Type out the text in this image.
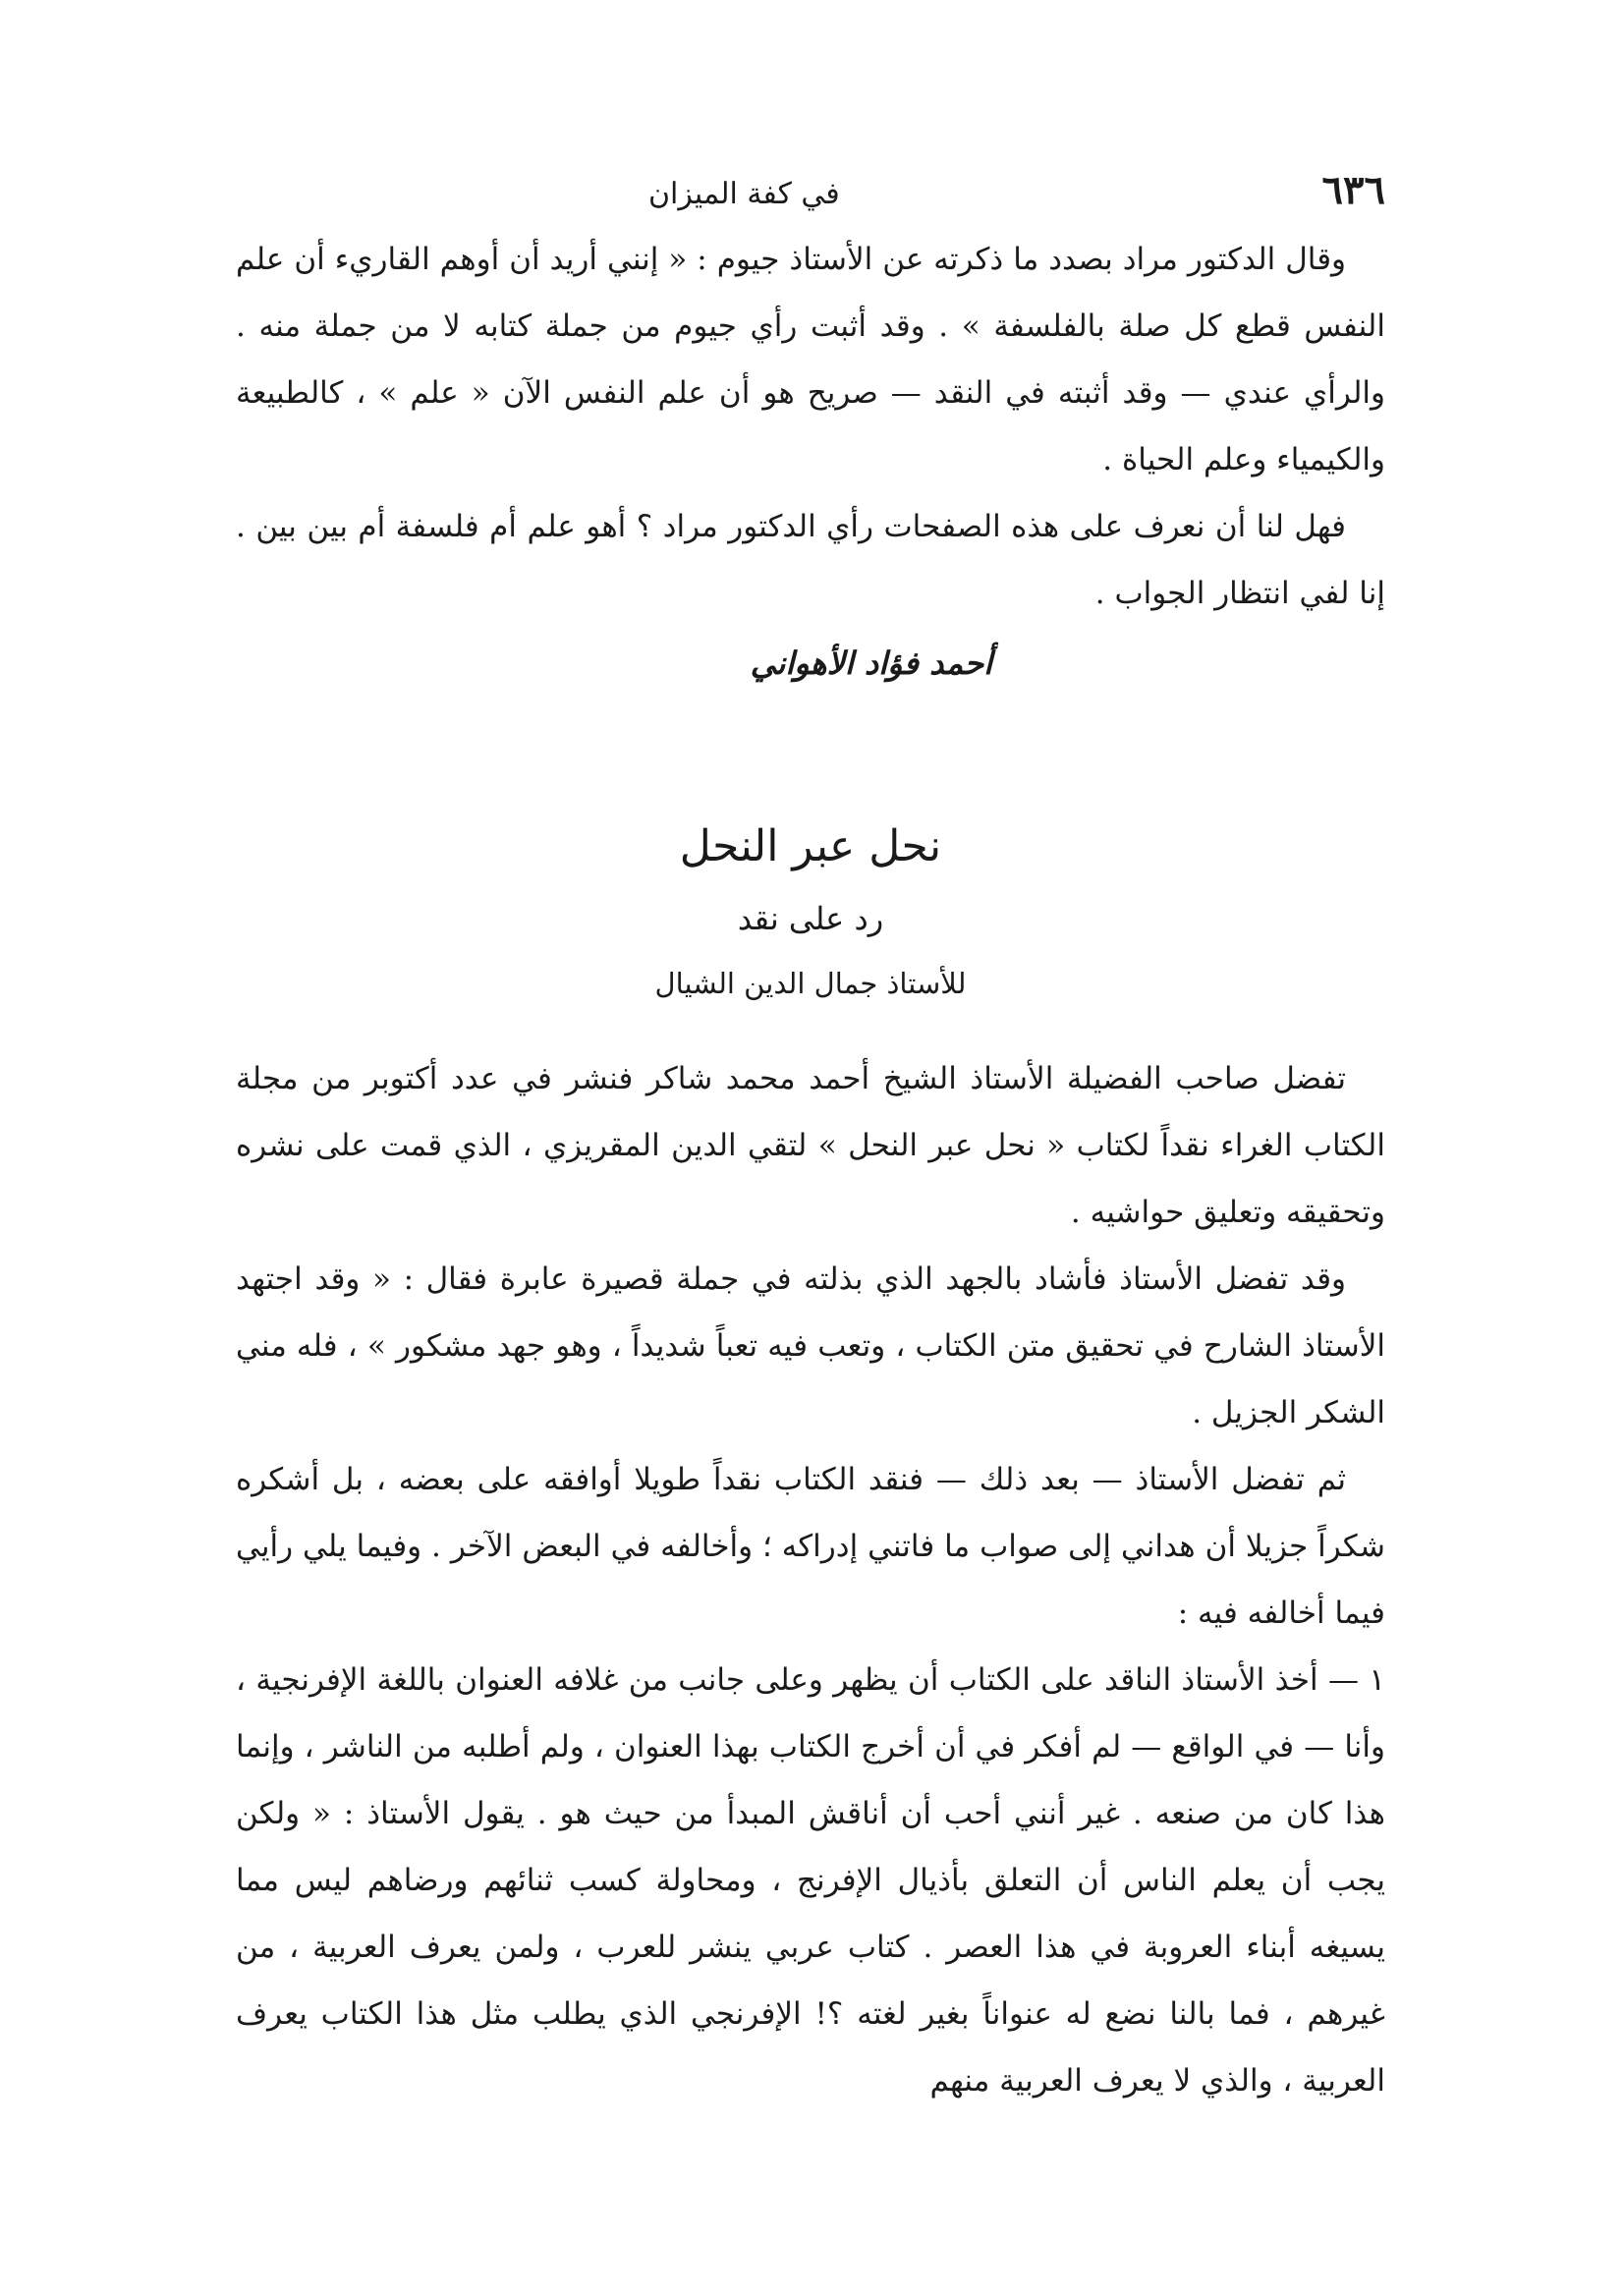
٦٣٦
في كفة الميزان

وقال الدكتور مراد بصدد ما ذكرته عن الأستاذ جيوم : « إنني أريد أن أوهم القاريء أن علم النفس قطع كل صلة بالفلسفة » . وقد أثبت رأي جيوم من جملة كتابه لا من جملة منه . والرأي عندي — وقد أثبته في النقد — صريح هو أن علم النفس الآن « علم » ، كالطبيعة والكيمياء وعلم الحياة .

فهل لنا أن نعرف على هذه الصفحات رأي الدكتور مراد ؟ أهو علم أم فلسفة أم بين بين . إنا لفي انتظار الجواب .

أحمد فؤاد الأهواني
نحل عبر النحل
رد على نقد
للأستاذ جمال الدين الشيال

تفضل صاحب الفضيلة الأستاذ الشيخ أحمد محمد شاكر فنشر في عدد أكتوبر من مجلة الكتاب الغراء نقداً لكتاب « نحل عبر النحل » لتقي الدين المقريزي ، الذي قمت على نشره وتحقيقه وتعليق حواشيه .

وقد تفضل الأستاذ فأشاد بالجهد الذي بذلته في جملة قصيرة عابرة فقال : « وقد اجتهد الأستاذ الشارح في تحقيق متن الكتاب ، وتعب فيه تعباً شديداً ، وهو جهد مشكور » ، فله مني الشكر الجزيل .

ثم تفضل الأستاذ — بعد ذلك — فنقد الكتاب نقداً طويلا أوافقه على بعضه ، بل أشكره شكراً جزيلا أن هداني إلى صواب ما فاتني إدراكه ؛ وأخالفه في البعض الآخر . وفيما يلي رأيي فيما أخالفه فيه :

١ — أخذ الأستاذ الناقد على الكتاب أن يظهر وعلى جانب من غلافه العنوان باللغة الإفرنجية ، وأنا — في الواقع — لم أفكر في أن أخرج الكتاب بهذا العنوان ، ولم أطلبه من الناشر ، وإنما هذا كان من صنعه . غير أنني أحب أن أناقش المبدأ من حيث هو . يقول الأستاذ : « ولكن يجب أن يعلم الناس أن التعلق بأذيال الإفرنج ، ومحاولة كسب ثنائهم ورضاهم ليس مما يسيغه أبناء العروبة في هذا العصر . كتاب عربي ينشر للعرب ، ولمن يعرف العربية ، من غيرهم ، فما بالنا نضع له عنواناً بغير لغته ؟! الإفرنجي الذي يطلب مثل هذا الكتاب يعرف العربية ، والذي لا يعرف العربية منهم
